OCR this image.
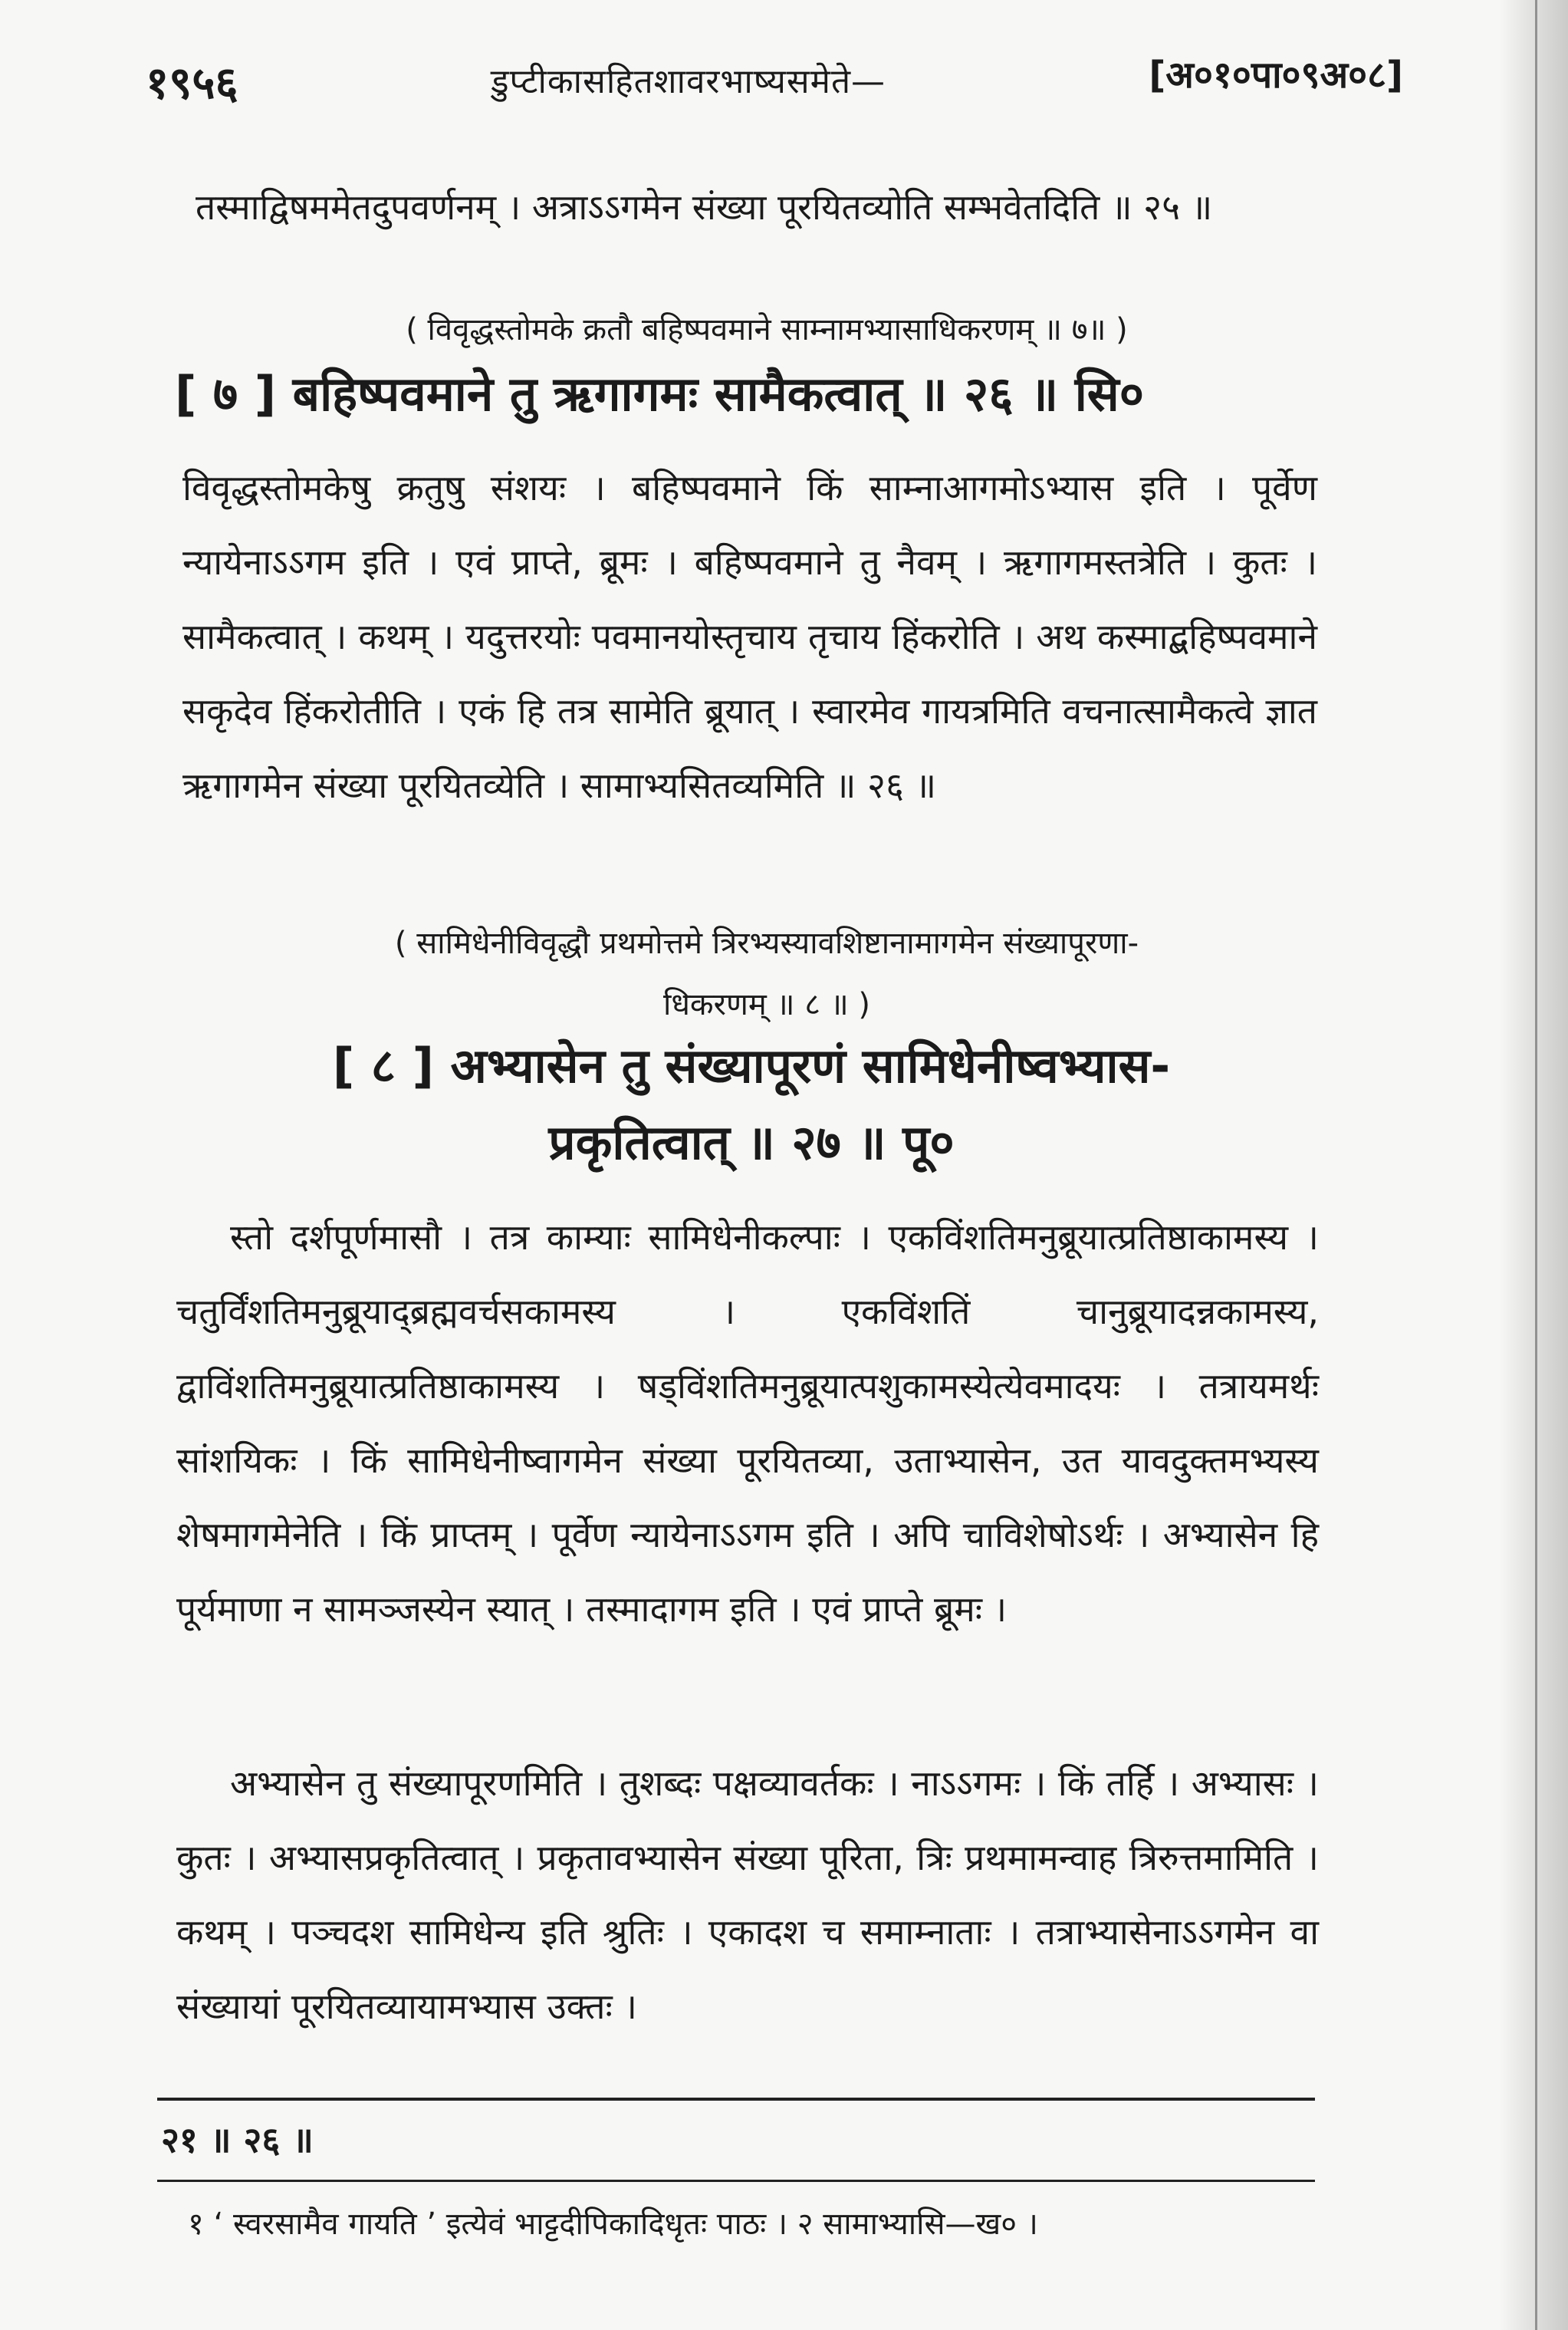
१९५६	डुप्टीकासहितशावरभाष्यसमेते—	[अ०१०पा०९अ०८]
तस्माद्विषममेतदुपवर्णनम् । अत्राऽऽगमेन संख्या पूरयितव्योति सम्भवेतदिति ॥ २५ ॥
( विवृद्धस्तोमके क्रतौ बहिष्पवमाने साम्नामभ्यासाधिकरणम् ॥ ७॥ )
[ ७ ] बहिष्पवमाने तु ऋगागमः सामैकत्वात् ॥ २६ ॥ सि०
विवृद्धस्तोमकेषु क्रतुषु संशयः । बहिष्पवमाने किं साम्नाआगमोऽभ्यास इति । पूर्वेण न्यायेनाऽऽगम इति । एवं प्राप्ते, ब्रूमः । बहिष्पवमाने तु नैवम् । ऋगागमस्तत्रेति । कुतः । सामैकत्वात् । कथम् । यदुत्तरयोः पवमानयोस्तृचाय तृचाय हिंकरोति । अथ कस्माद्बहिष्पवमाने सकृदेव हिंकरोतीति । एकं हि तत्र सामेति ब्रूयात् । स्वारमेव गायत्रमिति वचनात्सामैकत्वे ज्ञात ऋगागमेन संख्या पूरयितव्येति । सामाभ्यसितव्यमिति ॥ २६ ॥
( सामिधेनीविवृद्धौ प्रथमोत्तमे त्रिरभ्यस्यावशिष्टानामागमेन संख्यापूरणा-
धिकरणम् ॥ ८ ॥ )
[ ८ ] अभ्यासेन तु संख्यापूरणं सामिधेनीष्वभ्यास-
प्रकृतित्वात् ॥ २७ ॥ पू०
स्तो दर्शपूर्णमासौ । तत्र काम्याः सामिधेनीकल्पाः । एकविंशतिमनुब्रूयात्प्रतिष्ठाकामस्य । चतुर्विंशतिमनुब्रूयाद्ब्रह्मवर्चसकामस्य । एकविंशतिं चानुब्रूयादन्नकामस्य, द्वाविंशतिमनुब्रूयात्प्रतिष्ठाकामस्य । षड्विंशतिमनुब्रूयात्पशुकामस्येत्येवमादयः । तत्रायमर्थः सांशयिकः । किं सामिधेनीष्वागमेन संख्या पूरयितव्या, उताभ्यासेन, उत यावदुक्तमभ्यस्य शेषमागमेनेति । किं प्राप्तम् । पूर्वेण न्यायेनाऽऽगम इति । अपि चाविशेषोऽर्थः । अभ्यासेन हि पूर्यमाणा न सामञ्जस्येन स्यात् । तस्मादागम इति । एवं प्राप्ते ब्रूमः ।
अभ्यासेन तु संख्यापूरणमिति । तुशब्दः पक्षव्यावर्तकः । नाऽऽगमः । किं तर्हि । अभ्यासः । कुतः । अभ्यासप्रकृतित्वात् । प्रकृतावभ्यासेन संख्या पूरिता, त्रिः प्रथमामन्वाह त्रिरुत्तमामिति । कथम् । पञ्चदश सामिधेन्य इति श्रुतिः । एकादश च समाम्नाताः । तत्राभ्यासेनाऽऽगमेन वा संख्यायां पूरयितव्यायामभ्यास उक्तः ।
२१ ॥ २६ ॥
१ ‘ स्वरसामैव गायति ’ इत्येवं भाट्टदीपिकादिधृतः पाठः । २ सामाभ्यासि—ख० ।
